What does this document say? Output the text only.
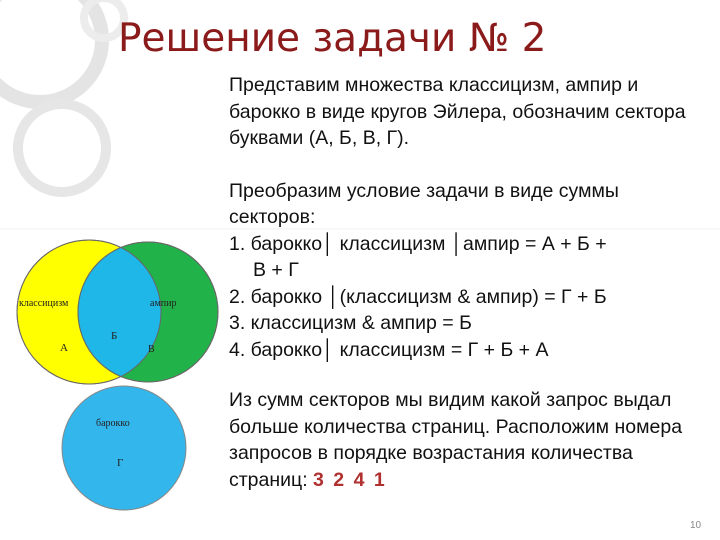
Решение задачи № 2
классицизм	ампир
А
Б
В
барокко
Г

Представим множества классицизм, ампир и барокко в виде кругов Эйлера, обозначим сектора буквами (А, Б, В, Г).

Преобразим условие задачи в виде суммы секторов:

1. барокко│ классицизм │ампир = А + Б +

В + Г

2. барокко │(классицизм & ампир) = Г + Б

3. классицизм & ампир = Б

4. барокко│ классицизм = Г + Б + А

Из сумм секторов мы видим какой запрос выдал больше количества страниц. Расположим номера запросов в порядке возрастания количества страниц: 3 2 4 1

10
